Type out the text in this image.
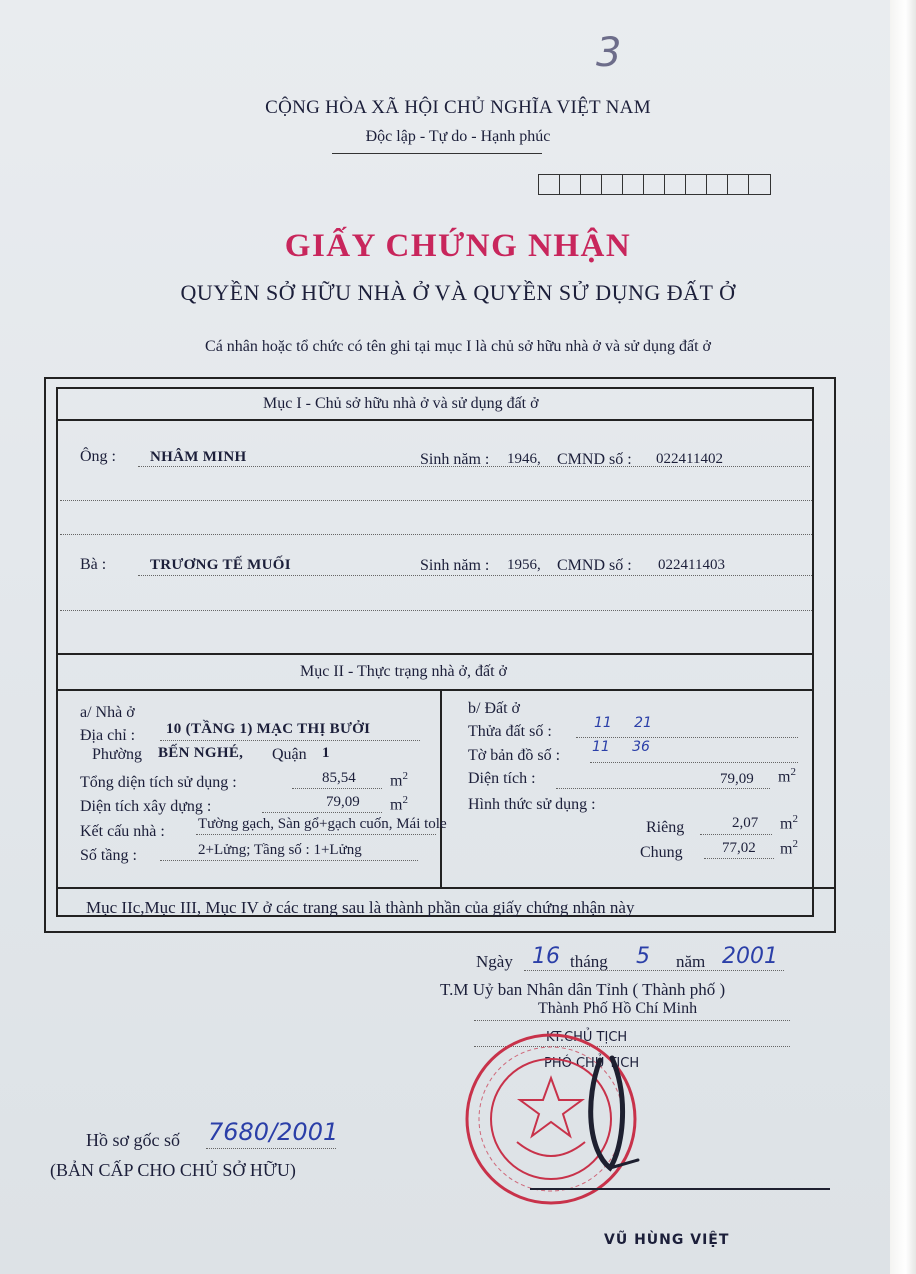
3
CỘNG HÒA XÃ HỘI CHỦ NGHĨA VIỆT NAM
Độc lập - Tự do - Hạnh phúc
GIẤY CHỨNG NHẬN
QUYỀN SỞ HỮU NHÀ Ở VÀ QUYỀN SỬ DỤNG ĐẤT Ở
Cá nhân hoặc tổ chức có tên ghi tại mục I là chủ sở hữu nhà ở và sử dụng đất ở
Mục I - Chủ sở hữu nhà ở và sử dụng đất ở
Ông : NHÂM MINH	Sinh năm : 1946, CMND số : 022411402
Bà :	TRƯƠNG TẾ MUỐI	Sinh năm : 1956, CMND số : 022411403
Mục II - Thực trạng nhà ở, đất ở
a/ Nhà ở
Địa chỉ : 10 (TẦNG 1) MẠC THỊ BƯỞI
Phường BẾN NGHÉ, Quận 1
Tổng diện tích sử dụng :	85,54 $m^2$
Diện tích xây dựng :	79,09 $m^2$
Kết cấu nhà : Tường gạch, Sàn gổ+gạch cuốn, Mái tole
Số tầng :	2+Lửng; Tầng số : 1+Lửng
b/ Đất ở
Thửa đất số :	11     21
Tờ bản đồ số : 11     36
Diện tích :	79,09 $m^2$
Hình thức sử dụng :
Riêng	2,07 $m^2$
Chung	77,02 $m^2$
Mục IIc,Mục III, Mục IV ở các trang sau là thành phần của giấy chứng nhận này
Ngày 16 tháng 5 năm 2001
T.M Uỷ ban Nhân dân Tỉnh ( Thành phố )
Thành Phố Hồ Chí Minh
KT.CHỦ TỊCH
PHÓ CHỦ TỊCH
VŨ HÙNG VIỆT
Hồ sơ gốc số 7680/2001
(BẢN CẤP CHO CHỦ SỞ HỮU)
